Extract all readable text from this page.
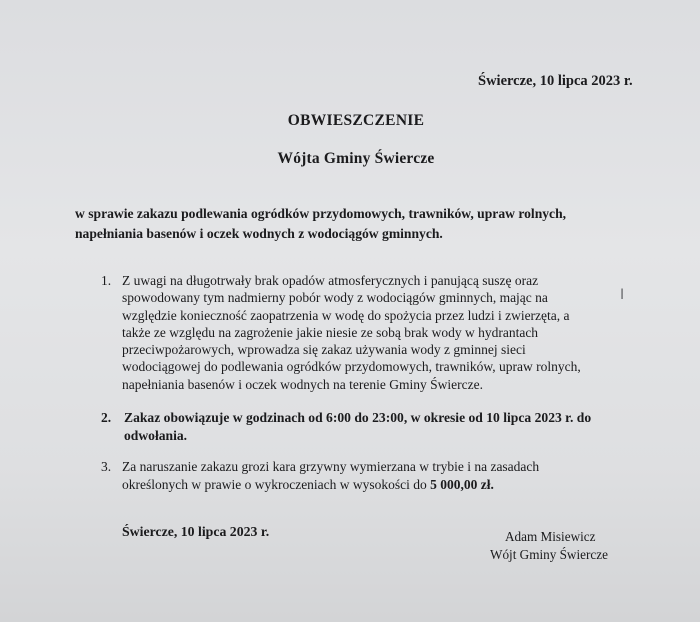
Świercze, 10 lipca 2023 r.
OBWIESZCZENIE
Wójta Gminy Świercze
w sprawie zakazu podlewania ogródków przydomowych, trawników, upraw rolnych,
napełniania basenów i oczek wodnych z wodociągów gminnych.
1. Z uwagi na długotrwały brak opadów atmosferycznych i panującą suszę oraz
spowodowany tym nadmierny pobór wody z wodociągów gminnych, mając na
względzie konieczność zaopatrzenia w wodę do spożycia przez ludzi i zwierzęta, a
także ze względu na zagrożenie jakie niesie ze sobą brak wody w hydrantach
przeciwpożarowych, wprowadza się zakaz używania wody z gminnej sieci
wodociągowej do podlewania ogródków przydomowych, trawników, upraw rolnych,
napełniania basenów i oczek wodnych na terenie Gminy Świercze.
2. Zakaz obowiązuje w godzinach od 6:00 do 23:00, w okresie od 10 lipca 2023 r. do
odwołania.
3. Za naruszanie zakazu grozi kara grzywny wymierzana w trybie i na zasadach
określonych w prawie o wykroczeniach w wysokości do 5 000,00 zł.
Świercze, 10 lipca 2023 r.	Adam Misiewicz
Wójt Gminy Świercze
I
